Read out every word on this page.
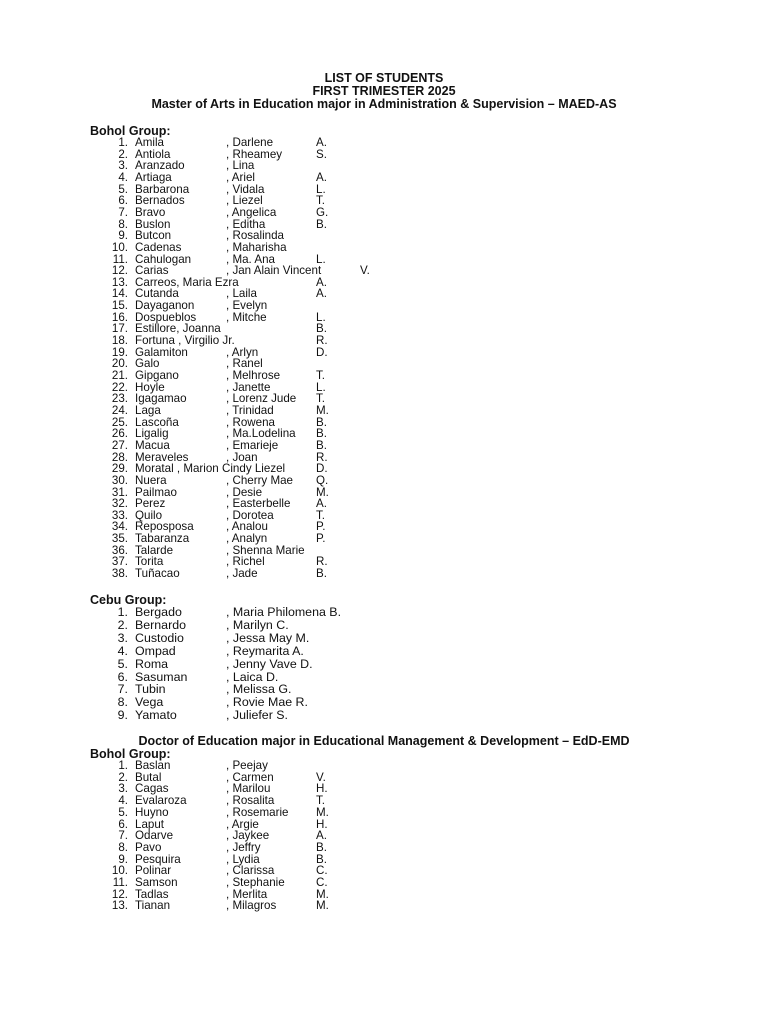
LIST OF STUDENTS
FIRST TRIMESTER 2025
Master of Arts in Education major in Administration & Supervision – MAED-AS
Bohol Group:
1. Amila	, Darlene	A.
2. Antiola	, Rheamey	S.
3. Aranzado	, Lina
4. Artiaga	, Ariel	A.
5. Barbarona	, Vidala	L.
6. Bernados	, Liezel	T.
7. Bravo	, Angelica	G.
8. Buslon	, Editha	B.
9. Butcon	, Rosalinda
10. Cadenas	, Maharisha
11. Cahulogan	, Ma. Ana	L.
12. Carias	, Jan Alain Vincent	V.
13. Carreos, Maria Ezra	A.
14. Cutanda	, Laila	A.
15. Dayaganon	, Evelyn
16. Dospueblos	, Mitche	L.
17. Estillore, Joanna	B.
18. Fortuna , Virgilio Jr.	R.
19. Galamiton	, Arlyn	D.
20. Galo	, Ranel
21. Gipgano	, Melhrose	T.
22. Hoyle	, Janette	L.
23. Igagamao	, Lorenz Jude T.
24. Laga	, Trinidad	M.
25. Lascoña	, Rowena	B.
26. Ligalig	, Ma.Lodelina B.
27. Macua	, Emarieje	B.
28. Meraveles	, Joan	R.
29. Moratal , Marion Cindy Liezel	D.
30. Nuera	, Cherry Mae Q.
31. Pailmao	, Desie	M.
32. Perez	, Easterbelle A.
33. Quilo	, Dorotea	T.
34. Reposposa	, Analou	P.
35. Tabaranza	, Analyn	P.
36. Talarde	, Shenna Marie
37. Torita	, Richel	R.
38. Tuñacao	, Jade	B.
Cebu Group:
1. Bergado	, Maria Philomena B.
2. Bernardo	, Marilyn C.
3. Custodio	, Jessa May M.
4. Ompad	, Reymarita A.
5. Roma	, Jenny Vave D.
6. Sasuman	, Laica D.
7. Tubin	, Melissa G.
8. Vega	, Rovie Mae R.
9. Yamato	, Juliefer S.
Doctor of Education major in Educational Management & Development – EdD-EMD
Bohol Group:
1. Baslan	, Peejay
2. Butal	, Carmen	V.
3. Cagas	, Marilou	H.
4. Evalaroza	, Rosalita	T.
5. Huyno	, Rosemarie M.
6. Laput	, Argie	H.
7. Odarve	, Jaykee	A.
8. Pavo	, Jeffry	B.
9. Pesquira	, Lydia	B.
10. Polinar	, Clarissa	C.
11. Samson	, Stephanie	C.
12. Tadlas	, Merlita	M.
13. Tianan	, Milagros	M.
